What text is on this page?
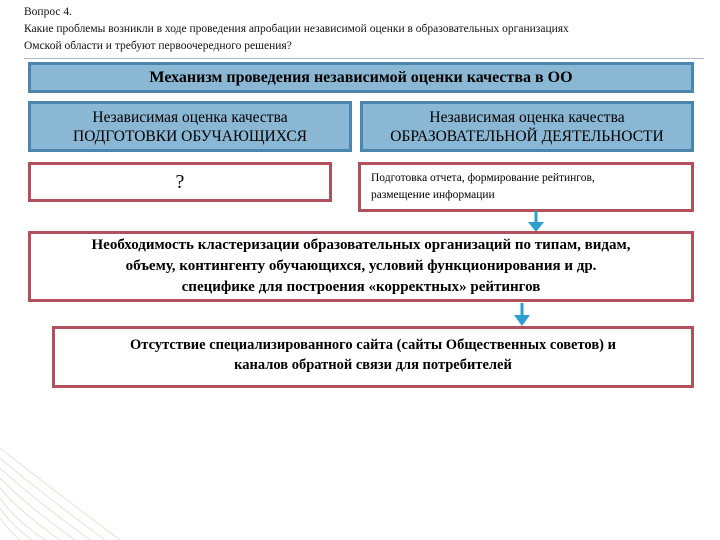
Вопрос 4.
Какие проблемы возникли в ходе проведения апробации независимой оценки в образовательных организациях
Омской области и требуют первоочередного решения?
Механизм проведения независимой оценки качества в ОО
Независимая оценка качества
ПОДГОТОВКИ ОБУЧАЮЩИХСЯ
Независимая оценка качества
ОБРАЗОВАТЕЛЬНОЙ ДЕЯТЕЛЬНОСТИ
?	Подготовка отчета, формирование рейтингов,
размещение информации
Необходимость кластеризации образовательных организаций по типам, видам,
объему, контингенту обучающихся, условий функционирования и др.
специфике для построения «корректных» рейтингов
Отсутствие специализированного сайта (сайты Общественных советов) и
каналов обратной связи для потребителей
